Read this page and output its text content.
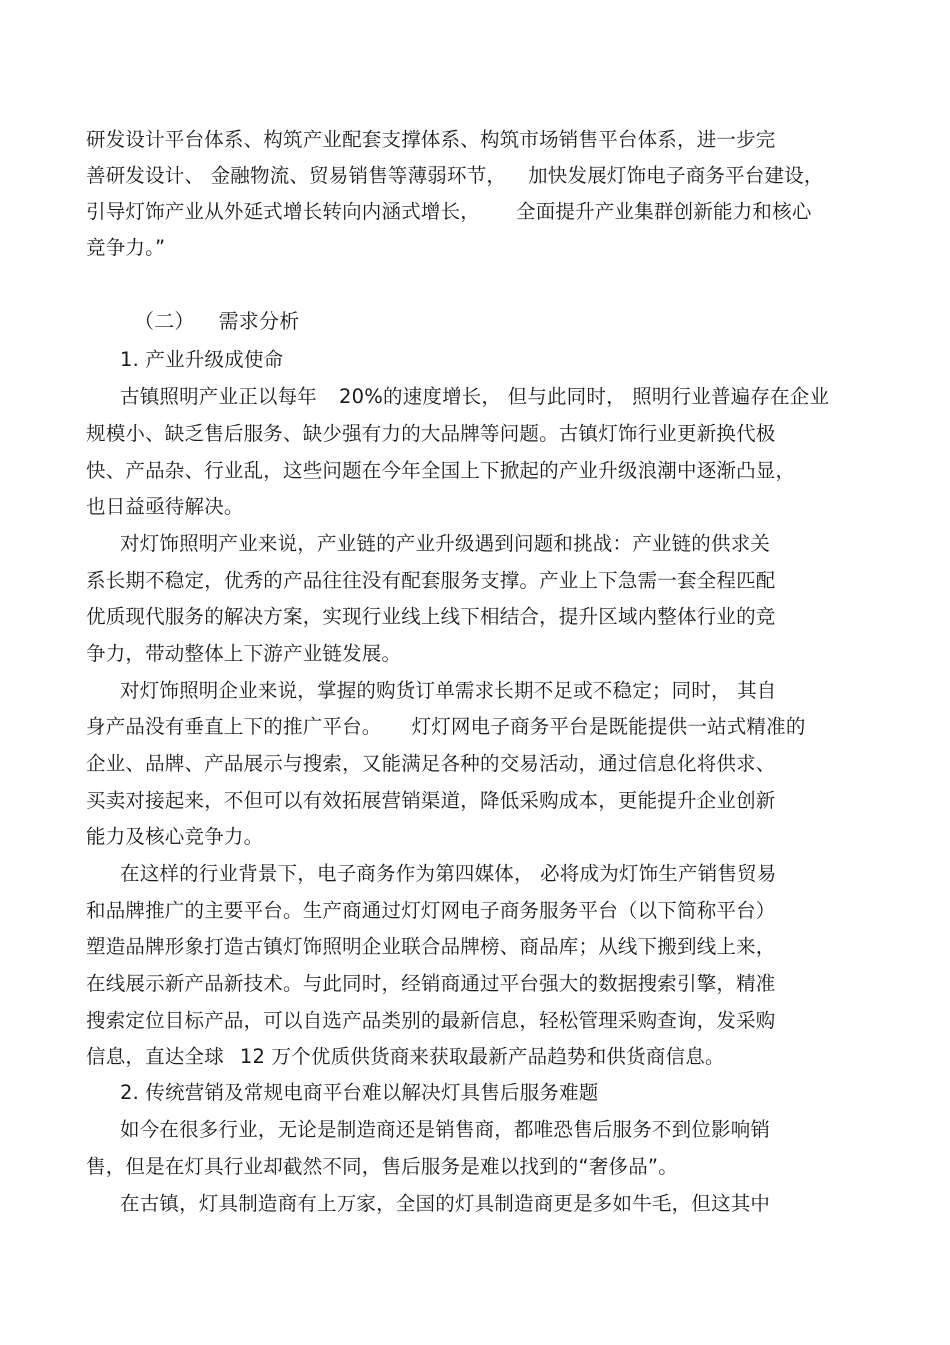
研发设计平台体系、构筑产业配套支撑体系、构筑市场销售平台体系，进一步完
善研发设计、 金融物流、贸易销售等薄弱环节， 加快发展灯饰电子商务平台建设，
引导灯饰产业从外延式增长转向内涵式增长， 全面提升产业集群创新能力和核心
竞争力。”
（二） 需求分析
1. 产业升级成使命
古镇照明产业正以每年 20%的速度增长， 但与此同时， 照明行业普遍存在企业
规模小、缺乏售后服务、缺少强有力的大品牌等问题。古镇灯饰行业更新换代极
快、产品杂、行业乱，这些问题在今年全国上下掀起的产业升级浪潮中逐渐凸显，
也日益亟待解决。
对灯饰照明产业来说，产业链的产业升级遇到问题和挑战：产业链的供求关
系长期不稳定，优秀的产品往往没有配套服务支撑。产业上下急需一套全程匹配
优质现代服务的解决方案，实现行业线上线下相结合，提升区域内整体行业的竞
争力，带动整体上下游产业链发展。
对灯饰照明企业来说，掌握的购货订单需求长期不足或不稳定；同时， 其自
身产品没有垂直上下的推广平台。 灯灯网电子商务平台是既能提供一站式精准的
企业、品牌、产品展示与搜索，又能满足各种的交易活动，通过信息化将供求、
买卖对接起来，不但可以有效拓展营销渠道，降低采购成本，更能提升企业创新
能力及核心竞争力。
在这样的行业背景下，电子商务作为第四媒体， 必将成为灯饰生产销售贸易
和品牌推广的主要平台。生产商通过灯灯网电子商务服务平台（以下简称平台）
塑造品牌形象打造古镇灯饰照明企业联合品牌榜、商品库；从线下搬到线上来，
在线展示新产品新技术。与此同时，经销商通过平台强大的数据搜索引擎，精准
搜索定位目标产品，可以自选产品类别的最新信息，轻松管理采购查询，发采购
信息，直达全球 12 万个优质供货商来获取最新产品趋势和供货商信息。
2. 传统营销及常规电商平台难以解决灯具售后服务难题
如今在很多行业，无论是制造商还是销售商，都唯恐售后服务不到位影响销
售，但是在灯具行业却截然不同，售后服务是难以找到的“奢侈品”。
在古镇，灯具制造商有上万家，全国的灯具制造商更是多如牛毛，但这其中
